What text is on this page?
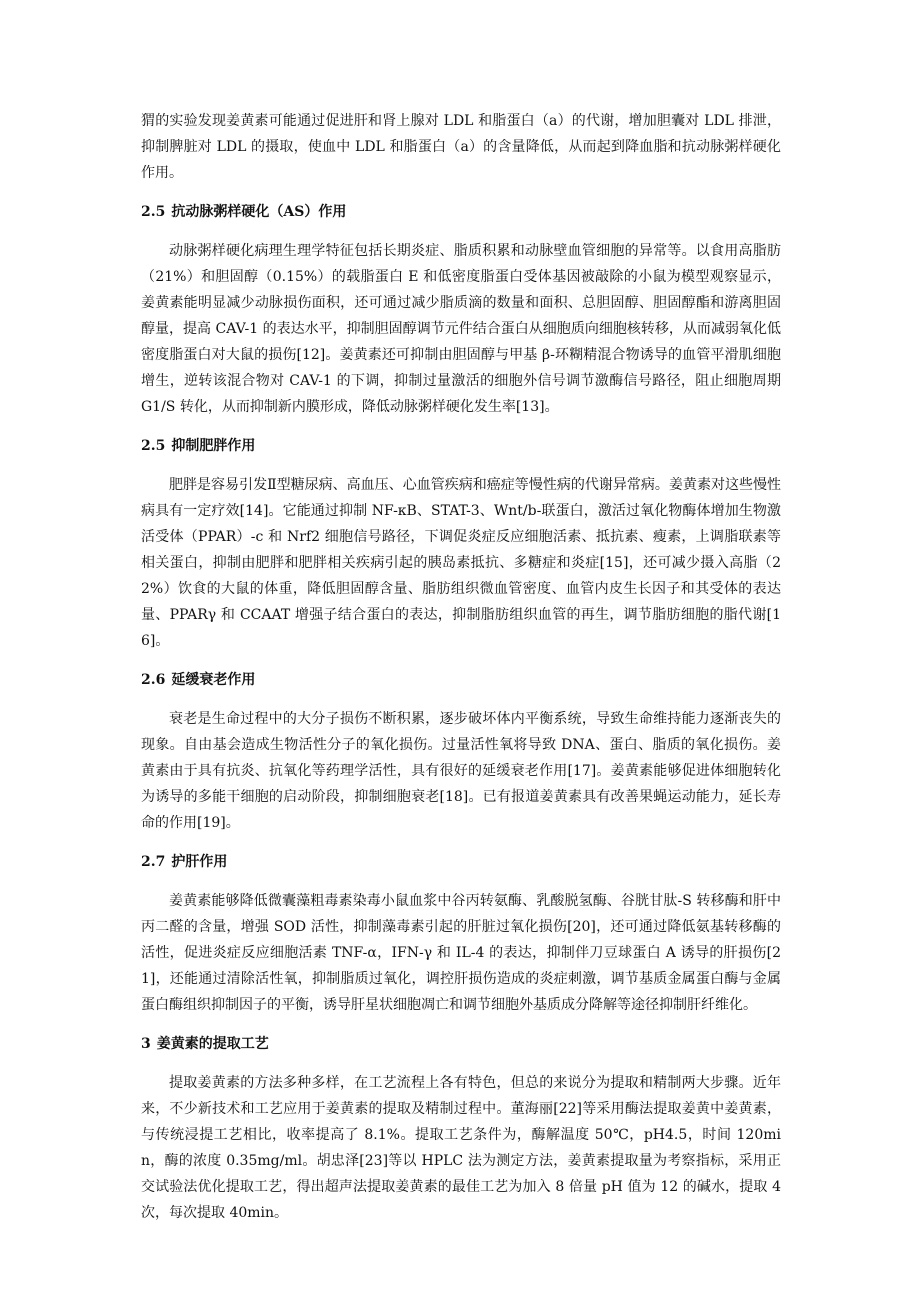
猬的实验发现姜黄素可能通过促进肝和肾上腺对 LDL 和脂蛋白（a）的代谢，增加胆囊对 LDL 排泄，抑制脾脏对 LDL 的摄取，使血中 LDL 和脂蛋白（a）的含量降低，从而起到降血脂和抗动脉粥样硬化作用。

2.5 抗动脉粥样硬化（AS）作用

动脉粥样硬化病理生理学特征包括长期炎症、脂质积累和动脉壁血管细胞的异常等。以食用高脂肪（21%）和胆固醇（0.15%）的载脂蛋白 E 和低密度脂蛋白受体基因被敲除的小鼠为模型观察显示，姜黄素能明显减少动脉损伤面积，还可通过减少脂质滴的数量和面积、总胆固醇、胆固醇酯和游离胆固醇量，提高 CAV-1 的表达水平，抑制胆固醇调节元件结合蛋白从细胞质向细胞核转移，从而减弱氧化低密度脂蛋白对大鼠的损伤[12]。姜黄素还可抑制由胆固醇与甲基 β-环糊精混合物诱导的血管平滑肌细胞增生，逆转该混合物对 CAV-1 的下调，抑制过量激活的细胞外信号调节激酶信号路径，阻止细胞周期 G1/S 转化，从而抑制新内膜形成，降低动脉粥样硬化发生率[13]。

2.5 抑制肥胖作用

肥胖是容易引发Ⅱ型糖尿病、高血压、心血管疾病和癌症等慢性病的代谢异常病。姜黄素对这些慢性病具有一定疗效[14]。它能通过抑制 NF-κB、STAT-3、Wnt/b-联蛋白，激活过氧化物酶体增加生物激活受体（PPAR）-c 和 Nrf2 细胞信号路径，下调促炎症反应细胞活素、抵抗素、瘦素，上调脂联素等相关蛋白，抑制由肥胖和肥胖相关疾病引起的胰岛素抵抗、多糖症和炎症[15]，还可减少摄入高脂（22%）饮食的大鼠的体重，降低胆固醇含量、脂肪组织微血管密度、血管内皮生长因子和其受体的表达量、PPARγ 和 CCAAT 增强子结合蛋白的表达，抑制脂肪组织血管的再生，调节脂肪细胞的脂代谢[16]。

2.6 延缓衰老作用

衰老是生命过程中的大分子损伤不断积累，逐步破坏体内平衡系统，导致生命维持能力逐渐丧失的现象。自由基会造成生物活性分子的氧化损伤。过量活性氧将导致 DNA、蛋白、脂质的氧化损伤。姜黄素由于具有抗炎、抗氧化等药理学活性，具有很好的延缓衰老作用[17]。姜黄素能够促进体细胞转化为诱导的多能干细胞的启动阶段，抑制细胞衰老[18]。已有报道姜黄素具有改善果蝇运动能力，延长寿命的作用[19]。

2.7 护肝作用

姜黄素能够降低微囊藻粗毒素染毒小鼠血浆中谷丙转氨酶、乳酸脱氢酶、谷胱甘肽-S 转移酶和肝中丙二醛的含量，增强 SOD 活性，抑制藻毒素引起的肝脏过氧化损伤[20]，还可通过降低氨基转移酶的活性，促进炎症反应细胞活素 TNF-α，IFN-γ 和 IL-4 的表达，抑制伴刀豆球蛋白 A 诱导的肝损伤[21]，还能通过清除活性氧，抑制脂质过氧化，调控肝损伤造成的炎症刺激，调节基质金属蛋白酶与金属蛋白酶组织抑制因子的平衡，诱导肝星状细胞凋亡和调节细胞外基质成分降解等途径抑制肝纤维化。

3 姜黄素的提取工艺

提取姜黄素的方法多种多样，在工艺流程上各有特色，但总的来说分为提取和精制两大步骤。近年来，不少新技术和工艺应用于姜黄素的提取及精制过程中。董海丽[22]等采用酶法提取姜黄中姜黄素，与传统浸提工艺相比，收率提高了 8.1%。提取工艺条件为，酶解温度 50℃，pH4.5，时间 120min，酶的浓度 0.35mg/ml。胡忠泽[23]等以 HPLC 法为测定方法，姜黄素提取量为考察指标，采用正交试验法优化提取工艺，得出超声法提取姜黄素的最佳工艺为加入 8 倍量 pH 值为 12 的碱水，提取 4 次，每次提取 40min。
